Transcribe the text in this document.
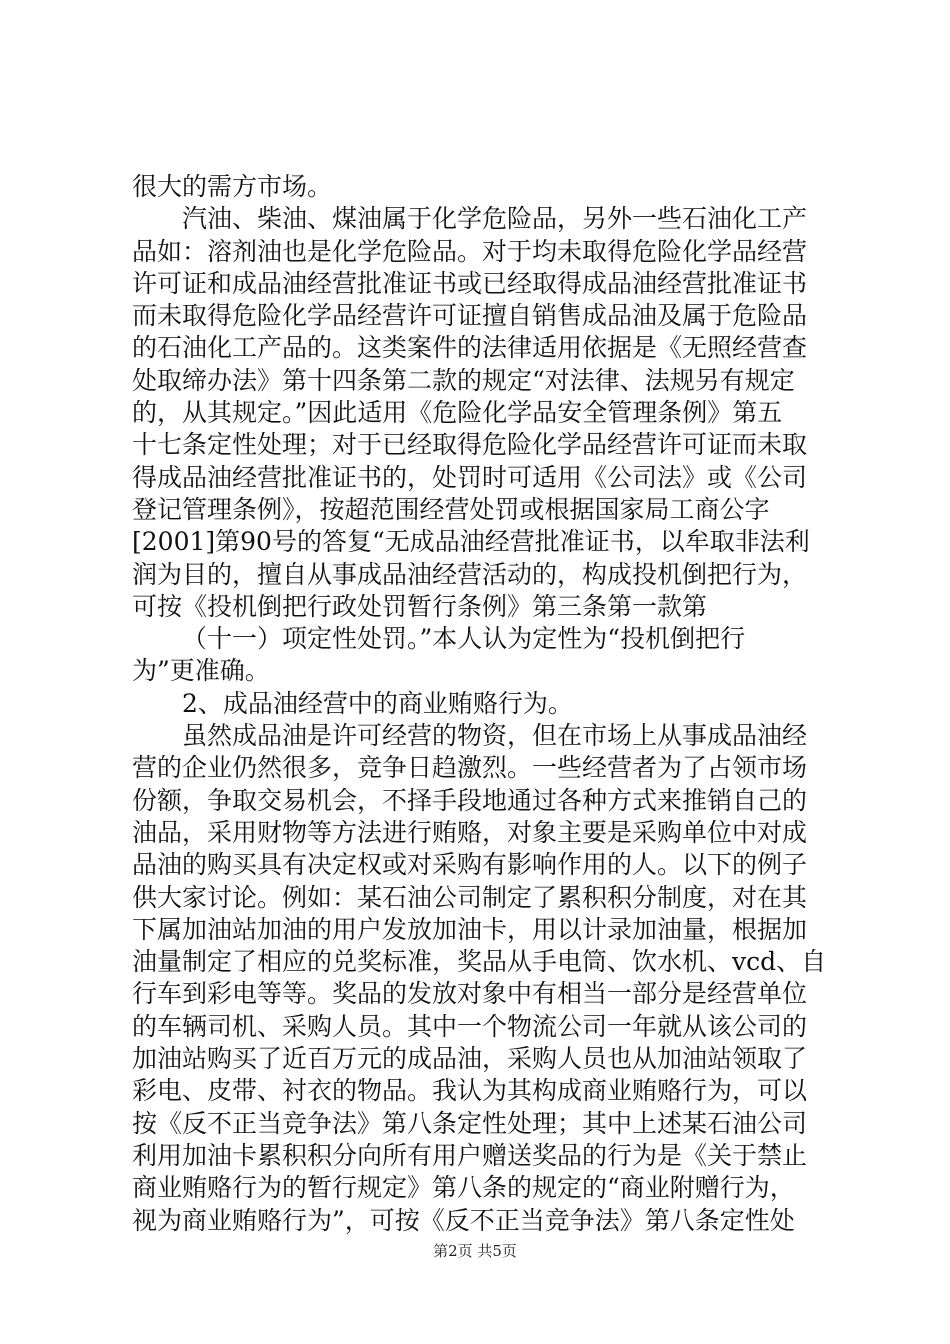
很大的需方市场。
汽油、柴油、煤油属于化学危险品，另外一些石油化工产
品如：溶剂油也是化学危险品。对于均未取得危险化学品经营
许可证和成品油经营批准证书或已经取得成品油经营批准证书
而未取得危险化学品经营许可证擅自销售成品油及属于危险品
的石油化工产品的。这类案件的法律适用依据是《无照经营查
处取缔办法》第十四条第二款的规定“对法律、法规另有规定
的，从其规定。”因此适用《危险化学品安全管理条例》第五
十七条定性处理；对于已经取得危险化学品经营许可证而未取
得成品油经营批准证书的，处罚时可适用《公司法》或《公司
登记管理条例》，按超范围经营处罚或根据国家局工商公字
[2001]第90号的答复“无成品油经营批准证书，以牟取非法利
润为目的，擅自从事成品油经营活动的，构成投机倒把行为，
可按《投机倒把行政处罚暂行条例》第三条第一款第
（十一）项定性处罚。”本人认为定性为“投机倒把行
为”更准确。
2、成品油经营中的商业贿赂行为。
虽然成品油是许可经营的物资，但在市场上从事成品油经
营的企业仍然很多，竞争日趋激烈。一些经营者为了占领市场
份额，争取交易机会，不择手段地通过各种方式来推销自己的
油品，采用财物等方法进行贿赂，对象主要是采购单位中对成
品油的购买具有决定权或对采购有影响作用的人。以下的例子
供大家讨论。例如：某石油公司制定了累积积分制度，对在其
下属加油站加油的用户发放加油卡，用以计录加油量，根据加
油量制定了相应的兑奖标准，奖品从手电筒、饮水机、vcd、自
行车到彩电等等。奖品的发放对象中有相当一部分是经营单位
的车辆司机、采购人员。其中一个物流公司一年就从该公司的
加油站购买了近百万元的成品油，采购人员也从加油站领取了
彩电、皮带、衬衣的物品。我认为其构成商业贿赂行为，可以
按《反不正当竞争法》第八条定性处理；其中上述某石油公司
利用加油卡累积积分向所有用户赠送奖品的行为是《关于禁止
商业贿赂行为的暂行规定》第八条的规定的“商业附赠行为，
视为商业贿赂行为”，可按《反不正当竞争法》第八条定性处
第2页 共5页
